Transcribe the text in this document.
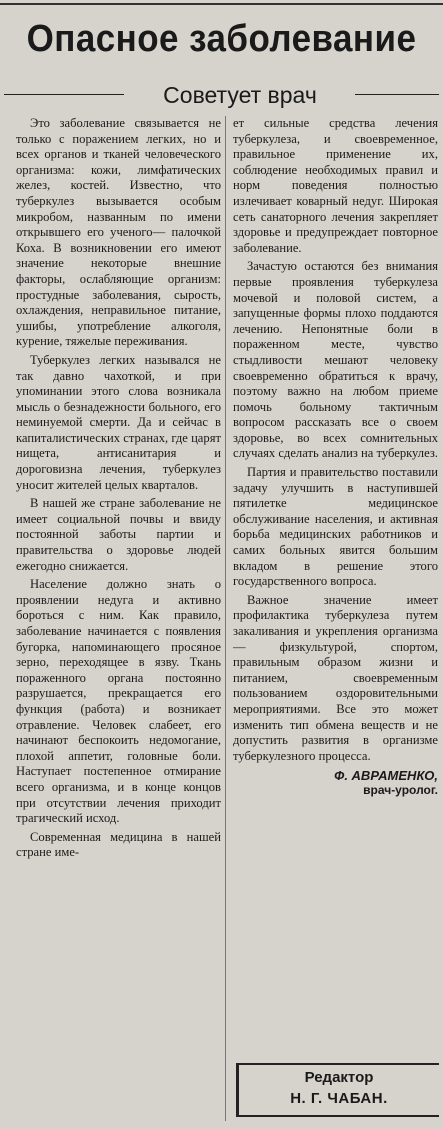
Опасное заболевание
Советует врач

Это заболевание связывается не только с поражением легких, но и всех органов и тканей человеческого организма: кожи, лимфатических желез, костей. Известно, что туберкулез вызывается особым микробом, названным по имени открывшего его ученого— палочкой Коха. В возникновении его имеют значение некоторые внешние факторы, ослабляющие организм: простудные заболевания, сырость, охлаждения, неправильное питание, ушибы, употребление алкоголя, курение, тяжелые переживания.

Туберкулез легких назывался не так давно чахоткой, и при упоминании этого слова возникала мысль о безнадежности больного, его неминуемой смерти. Да и сейчас в капиталистических странах, где царят нищета, антисанитария и дороговизна лечения, туберкулез уносит жителей целых кварталов.

В нашей же стране заболевание не имеет социальной почвы и ввиду постоянной заботы партии и правительства о здоровье людей ежегодно снижается.

Население должно знать о проявлении недуга и активно бороться с ним. Как правило, заболевание начинается с появления бугорка, напоминающего просяное зерно, переходящее в язву. Ткань пораженного органа постоянно разрушается, прекращается его функция (работа) и возникает отравление. Человек слабеет, его начинают беспокоить недомогание, плохой аппетит, головные боли. Наступает постепенное отмирание всего организма, и в конце концов при отсутствии лечения приходит трагический исход.

Современная медицина в нашей стране име-

ет сильные средства лечения туберкулеза, и своевременное, правильное применение их, соблюдение необходимых правил и норм поведения полностью излечивает коварный недуг. Широкая сеть санаторного лечения закрепляет здоровье и предупреждает повторное заболевание.

Зачастую остаются без внимания первые проявления туберкулеза мочевой и половой систем, а запущенные формы плохо поддаются лечению. Непонятные боли в пораженном месте, чувство стыдливости мешают человеку своевременно обратиться к врачу, поэтому важно на любом приеме помочь больному тактичным вопросом рассказать все о своем здоровье, во всех сомнительных случаях сделать анализ на туберкулез.

Партия и правительство поставили задачу улучшить в наступившей пятилетке медицинское обслуживание населения, и активная борьба медицинских работников и самих больных явится большим вкладом в решение этого государственного вопроса.

Важное значение имеет профилактика туберкулеза путем закаливания и укрепления организма — физкультурой, спортом, правильным образом жизни и питанием, своевременным пользованием оздоровительными мероприятиями. Все это может изменить тип обмена веществ и не допустить развития в организме туберкулезного процесса.

Ф. АВРАМЕНКО,
врач-уролог.
Редактор
Н. Г. ЧАБАН.
